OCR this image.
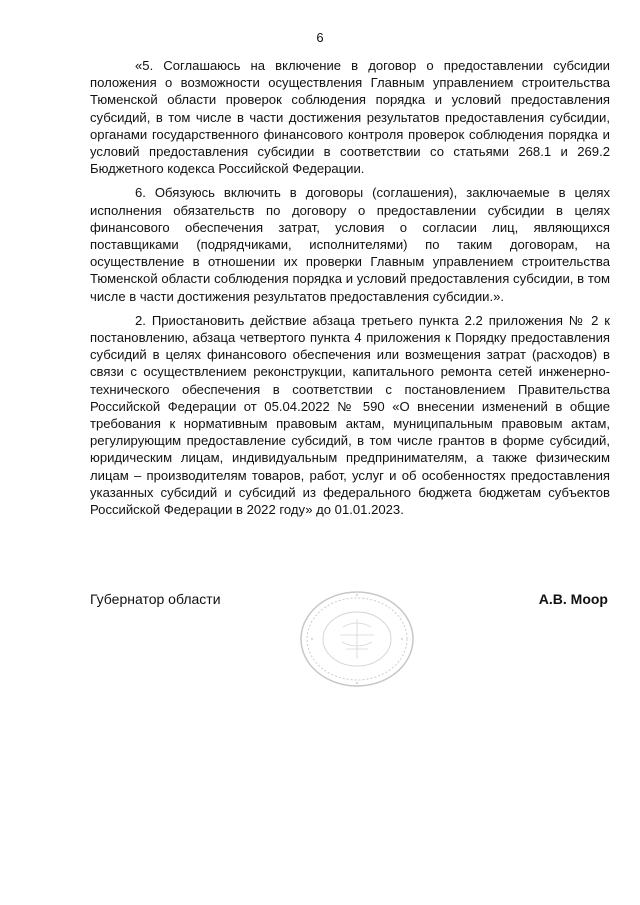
6

«5. Соглашаюсь на включение в договор о предоставлении субсидии положения о возможности осуществления Главным управлением строительства Тюменской области проверок соблюдения порядка и условий предоставления субсидий, в том числе в части достижения результатов предоставления субсидии, органами государственного финансового контроля проверок соблюдения порядка и условий предоставления субсидии в соответствии со статьями 268.1 и 269.2 Бюджетного кодекса Российской Федерации.

6. Обязуюсь включить в договоры (соглашения), заключаемые в целях исполнения обязательств по договору о предоставлении субсидии в целях финансового обеспечения затрат, условия о согласии лиц, являющихся поставщиками (подрядчиками, исполнителями) по таким договорам, на осуществление в отношении их проверки Главным управлением строительства Тюменской области соблюдения порядка и условий предоставления субсидии, в том числе в части достижения результатов предоставления субсидии.».

2. Приостановить действие абзаца третьего пункта 2.2 приложения № 2 к постановлению, абзаца четвертого пункта 4 приложения к Порядку предоставления субсидий в целях финансового обеспечения или возмещения затрат (расходов) в связи с осуществлением реконструкции, капитального ремонта сетей инженерно-технического обеспечения в соответствии с постановлением Правительства Российской Федерации от 05.04.2022 № 590 «О внесении изменений в общие требования к нормативным правовым актам, муниципальным правовым актам, регулирующим предоставление субсидий, в том числе грантов в форме субсидий, юридическим лицам, индивидуальным предпринимателям, а также физическим лицам – производителям товаров, работ, услуг и об особенностях предоставления указанных субсидий и субсидий из федерального бюджета бюджетам субъектов Российской Федерации в 2022 году» до 01.01.2023.

Губернатор области	А.В. Моор
